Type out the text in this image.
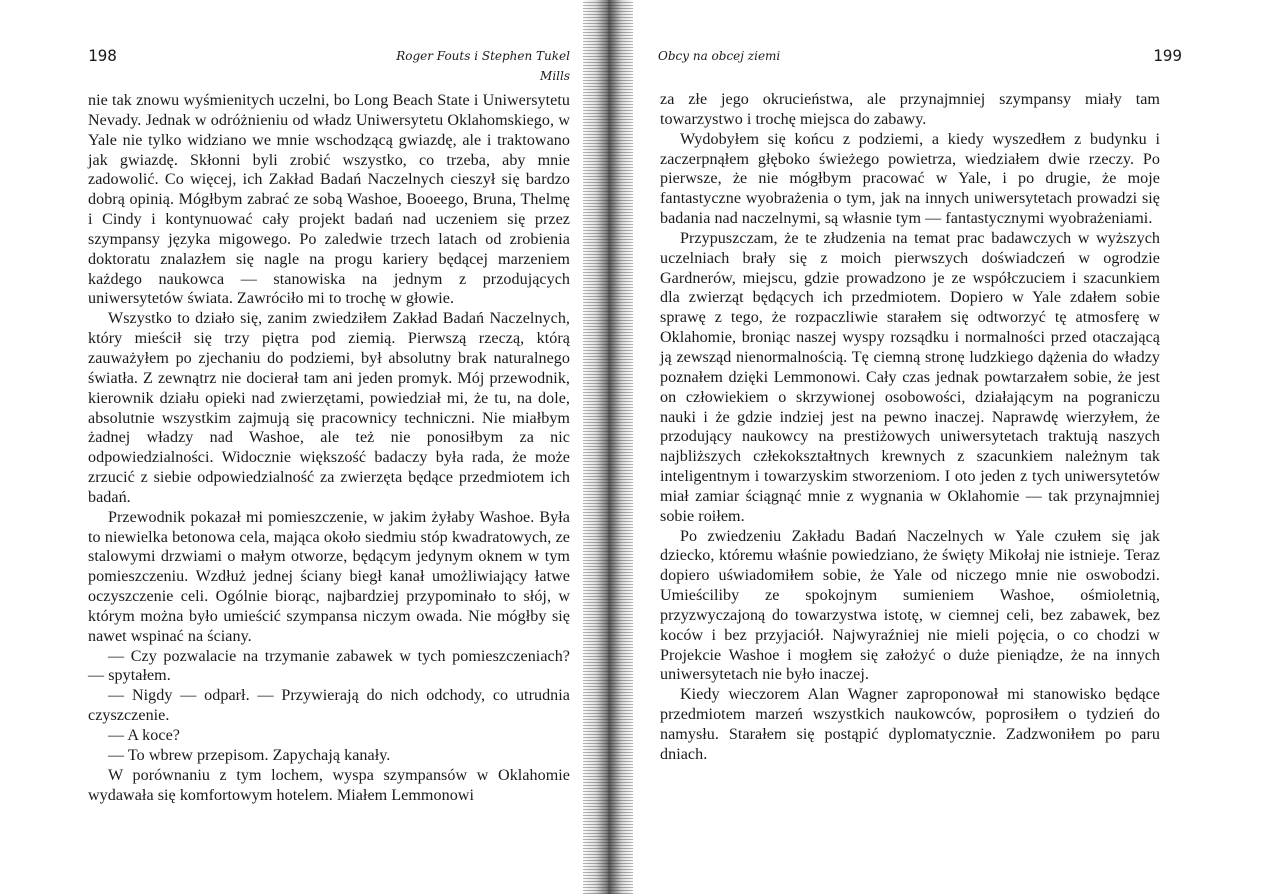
198	Roger Fouts i Stephen Tukel Mills

nie tak znowu wyśmienitych uczelni, bo Long Beach State i Uniwersytetu Nevady. Jednak w odróżnieniu od władz Uniwersytetu Oklahomskiego, w Yale nie tylko widziano we mnie wschodzącą gwiazdę, ale i traktowano jak gwiazdę. Skłonni byli zrobić wszystko, co trzeba, aby mnie zadowolić. Co więcej, ich Zakład Badań Naczelnych cieszył się bardzo dobrą opinią. Mógłbym zabrać ze sobą Washoe, Booeego, Bruna, Thelmę i Cindy i kontynuować cały projekt badań nad uczeniem się przez szympansy języka migowego. Po zaledwie trzech latach od zrobienia doktoratu znalazłem się nagle na progu kariery będącej marzeniem każdego naukowca — stanowiska na jednym z przodujących uniwersytetów świata. Zawróciło mi to trochę w głowie.

Wszystko to działo się, zanim zwiedziłem Zakład Badań Naczelnych, który mieścił się trzy piętra pod ziemią. Pierwszą rzeczą, którą zauważyłem po zjechaniu do podziemi, był absolutny brak naturalnego światła. Z zewnątrz nie docierał tam ani jeden promyk. Mój przewodnik, kierownik działu opieki nad zwierzętami, powiedział mi, że tu, na dole, absolutnie wszystkim zajmują się pracownicy techniczni. Nie miałbym żadnej władzy nad Washoe, ale też nie ponosiłbym za nic odpowiedzialności. Widocznie większość badaczy była rada, że może zrzucić z siebie odpowiedzialność za zwierzęta będące przedmiotem ich badań.

Przewodnik pokazał mi pomieszczenie, w jakim żyłaby Washoe. Była to niewielka betonowa cela, mająca około siedmiu stóp kwadratowych, ze stalowymi drzwiami o małym otworze, będącym jedynym oknem w tym pomieszczeniu. Wzdłuż jednej ściany biegł kanał umożliwiający łatwe oczyszczenie celi. Ogólnie biorąc, najbardziej przypominało to słój, w którym można było umieścić szympansa niczym owada. Nie mógłby się nawet wspinać na ściany.

— Czy pozwalacie na trzymanie zabawek w tych pomieszczeniach? — spytałem.

— Nigdy — odparł. — Przywierają do nich odchody, co utrudnia czyszczenie.

— A koce?

— To wbrew przepisom. Zapychają kanały.

W porównaniu z tym lochem, wyspa szympansów w Oklahomie wydawała się komfortowym hotelem. Miałem Lemmonowi

Obcy na obcej ziemi	199

za złe jego okrucieństwa, ale przynajmniej szympansy miały tam towarzystwo i trochę miejsca do zabawy.

Wydobyłem się końcu z podziemi, a kiedy wyszedłem z budynku i zaczerpnąłem głęboko świeżego powietrza, wiedziałem dwie rzeczy. Po pierwsze, że nie mógłbym pracować w Yale, i po drugie, że moje fantastyczne wyobrażenia o tym, jak na innych uniwersytetach prowadzi się badania nad naczelnymi, są własnie tym — fantastycznymi wyobrażeniami.

Przypuszczam, że te złudzenia na temat prac badawczych w wyższych uczelniach brały się z moich pierwszych doświadczeń w ogrodzie Gardnerów, miejscu, gdzie prowadzono je ze współczuciem i szacunkiem dla zwierząt będących ich przedmiotem. Dopiero w Yale zdałem sobie sprawę z tego, że rozpaczliwie starałem się odtworzyć tę atmosferę w Oklahomie, broniąc naszej wyspy rozsądku i normalności przed otaczającą ją zewsząd nienormalnością. Tę ciemną stronę ludzkiego dążenia do władzy poznałem dzięki Lemmonowi. Cały czas jednak powtarzałem sobie, że jest on człowiekiem o skrzywionej osobowości, działającym na pograniczu nauki i że gdzie indziej jest na pewno inaczej. Naprawdę wierzyłem, że przodujący naukowcy na prestiżowych uniwersytetach traktują naszych najbliższych człekokształtnych krewnych z szacunkiem należnym tak inteligentnym i towarzyskim stworzeniom. I oto jeden z tych uniwersytetów miał zamiar ściągnąć mnie z wygnania w Oklahomie — tak przynajmniej sobie roiłem.

Po zwiedzeniu Zakładu Badań Naczelnych w Yale czułem się jak dziecko, któremu właśnie powiedziano, że święty Mikołaj nie istnieje. Teraz dopiero uświadomiłem sobie, że Yale od niczego mnie nie oswobodzi. Umieściliby ze spokojnym sumieniem Washoe, ośmioletnią, przyzwyczajoną do towarzystwa istotę, w ciemnej celi, bez zabawek, bez koców i bez przyjaciół. Najwyraźniej nie mieli pojęcia, o co chodzi w Projekcie Washoe i mogłem się założyć o duże pieniądze, że na innych uniwersytetach nie było inaczej.

Kiedy wieczorem Alan Wagner zaproponował mi stanowisko będące przedmiotem marzeń wszystkich naukowców, poprosiłem o tydzień do namysłu. Starałem się postąpić dyplomatycznie. Zadzwoniłem po paru dniach.
